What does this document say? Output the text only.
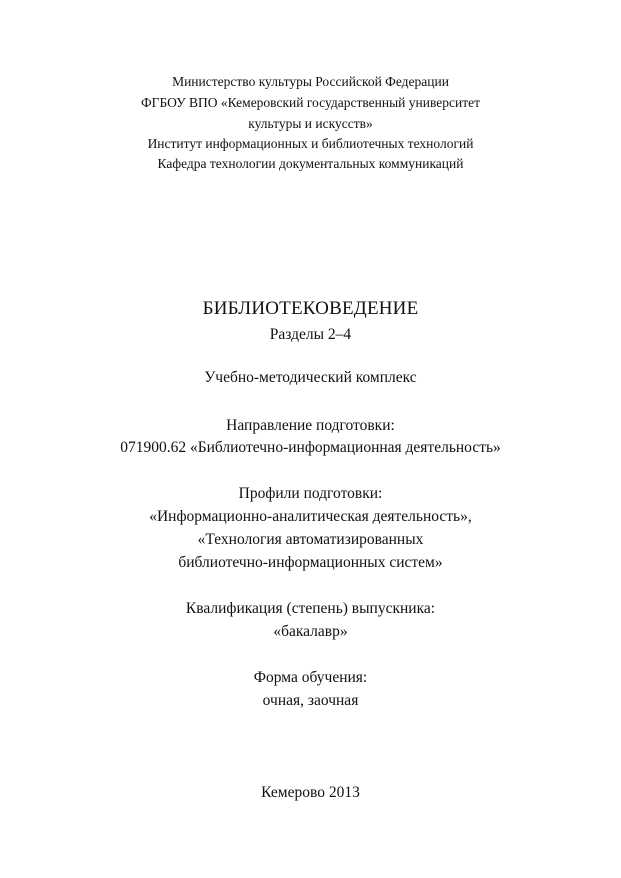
Министерство культуры Российской Федерации
ФГБОУ ВПО «Кемеровский государственный университет
культуры и искусств»
Институт информационных и библиотечных технологий
Кафедра технологии документальных коммуникаций
БИБЛИОТЕКОВЕДЕНИЕ
Разделы 2–4
Учебно-методический комплекс
Направление подготовки:
071900.62 «Библиотечно-информационная деятельность»
Профили подготовки:
«Информационно-аналитическая деятельность»,
«Технология автоматизированных
библиотечно-информационных систем»
Квалификация (степень) выпускника:
«бакалавр»
Форма обучения:
очная, заочная
Кемерово 2013
